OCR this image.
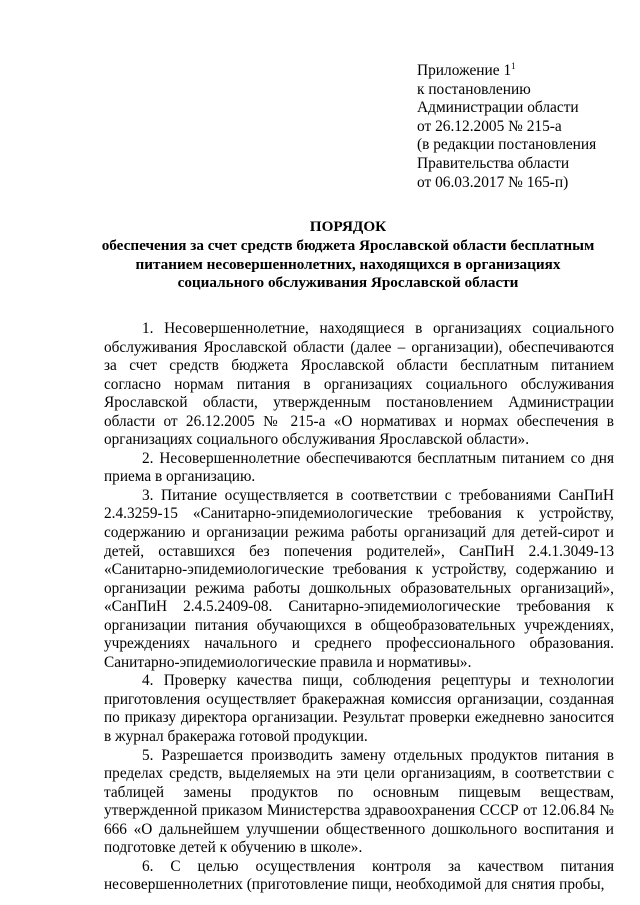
Приложение $1^1$
к постановлению
Администрации области
от 26.12.2005 № 215-а
(в редакции постановления
Правительства области
от 06.03.2017 № 165-п)
ПОРЯДОК
обеспечения за счет средств бюджета Ярославской области бесплатным
питанием несовершеннолетних, находящихся в организациях
социального обслуживания Ярославской области

1. Несовершеннолетние, находящиеся в организациях социального обслуживания Ярославской области (далее – организации), обеспечиваются за счет средств бюджета Ярославской области бесплатным питанием согласно нормам питания в организациях социального обслуживания Ярославской области, утвержденным постановлением Администрации области от 26.12.2005 № 215-а «О нормативах и нормах обеспечения в организациях социального обслуживания Ярославской области».

2. Несовершеннолетние обеспечиваются бесплатным питанием со дня приема в организацию.

3. Питание осуществляется в соответствии с требованиями СанПиН 2.4.3259-15 «Санитарно-эпидемиологические требования к устройству, содержанию и организации режима работы организаций для детей-сирот и детей, оставшихся без попечения родителей», СанПиН 2.4.1.3049-13 «Санитарно-эпидемиологические требования к устройству, содержанию и организации режима работы дошкольных образовательных организаций», «СанПиН 2.4.5.2409-08. Санитарно-эпидемиологические требования к организации питания обучающихся в общеобразовательных учреждениях, учреждениях начального и среднего профессионального образования. Санитарно-эпидемиологические правила и нормативы».

4. Проверку качества пищи, соблюдения рецептуры и технологии приготовления осуществляет бракеражная комиссия организации, созданная по приказу директора организации. Результат проверки ежедневно заносится в журнал бракеража готовой продукции.

5. Разрешается производить замену отдельных продуктов питания в пределах средств, выделяемых на эти цели организациям, в соответствии с таблицей замены продуктов по основным пищевым веществам, утвержденной приказом Министерства здравоохранения СССР от 12.06.84 № 666 «О дальнейшем улучшении общественного дошкольного воспитания и подготовке детей к обучению в школе».

6. С целью осуществления контроля за качеством питания несовершеннолетних (приготовление пищи, необходимой для снятия пробы,
